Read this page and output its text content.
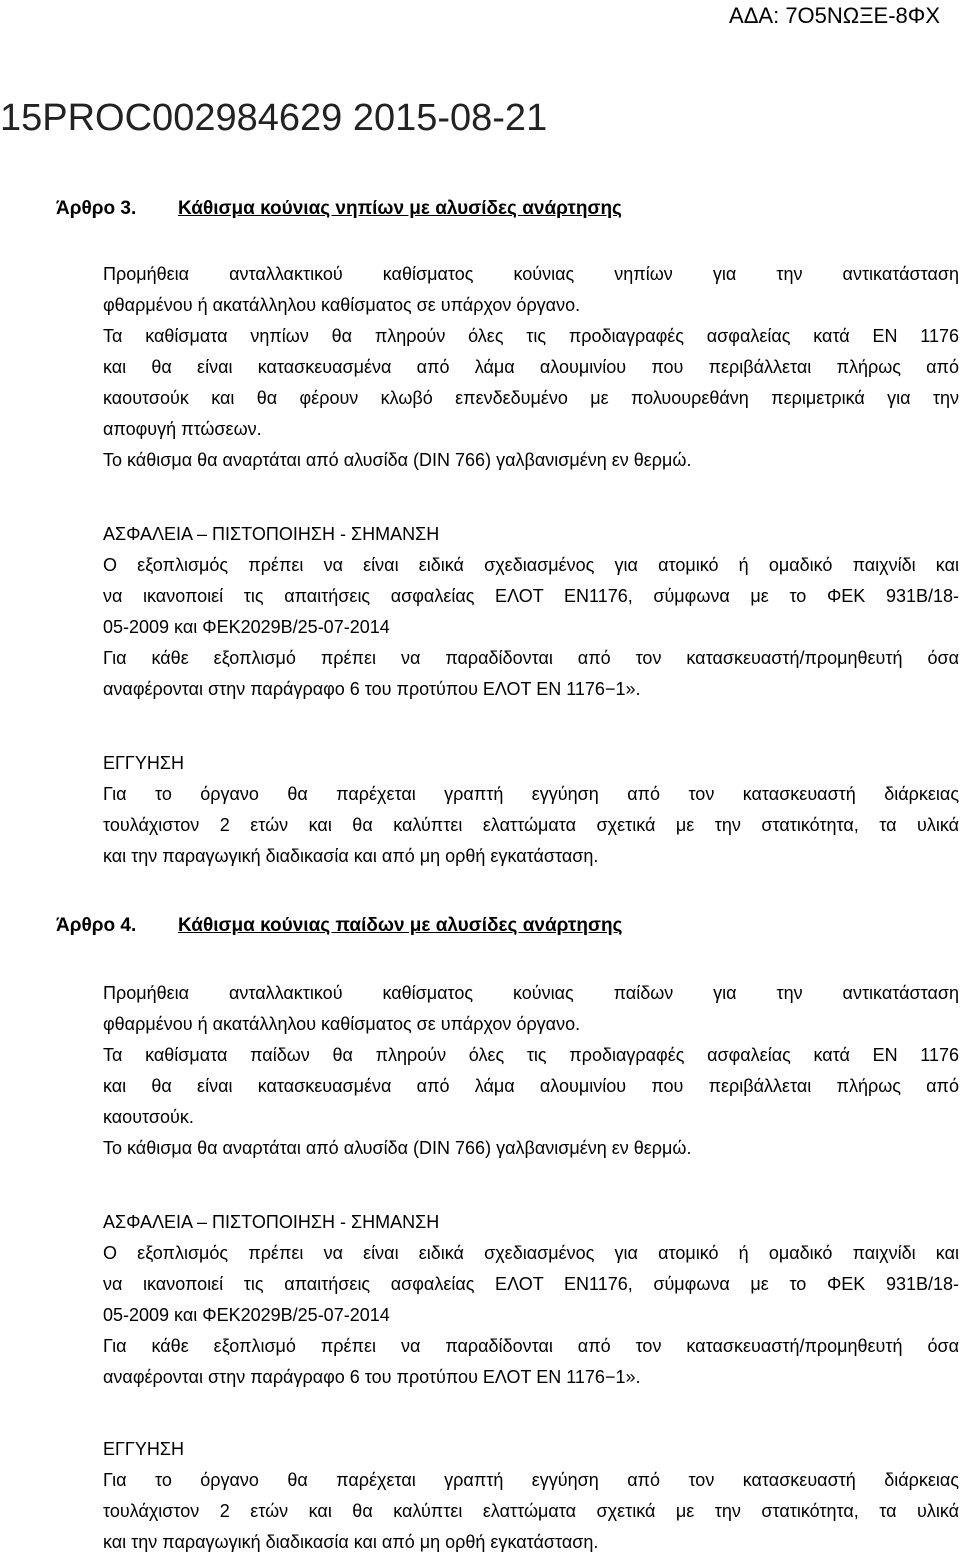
ΑΔΑ: 7Ο5ΝΩΞΕ-8ΦΧ
15PROC002984629 2015-08-21
Άρθρο 3. Κάθισμα κούνιας νηπίων με αλυσίδες ανάρτησης

Προμήθεια ανταλλακτικού καθίσματος κούνιας νηπίων για την αντικατάσταση

φθαρμένου ή ακατάλληλου καθίσματος σε υπάρχον όργανο.

Τα καθίσματα νηπίων θα πληρούν όλες τις προδιαγραφές ασφαλείας κατά EN 1176

και θα είναι κατασκευασμένα από λάμα αλουμινίου που περιβάλλεται πλήρως από

καουτσούκ και θα φέρουν κλωβό επενδεδυμένο με πολυουρεθάνη περιμετρικά για την

αποφυγή πτώσεων.

Το κάθισμα θα αναρτάται από αλυσίδα (DIN 766) γαλβανισμένη εν θερμώ.

ΑΣΦΑΛΕΙΑ – ΠΙΣΤΟΠΟΙΗΣΗ - ΣΗΜΑΝΣΗ

Ο εξοπλισμός πρέπει να είναι ειδικά σχεδιασμένος για ατομικό ή ομαδικό παιχνίδι και

να ικανοποιεί τις απαιτήσεις ασφαλείας ΕΛΟΤ ΕΝ1176, σύμφωνα με το ΦΕΚ 931Β/18-

05-2009 και ΦΕΚ2029Β/25-07-2014

Για κάθε εξοπλισμό πρέπει να παραδίδονται από τον κατασκευαστή/προμηθευτή όσα

αναφέρονται στην παράγραφο 6 του προτύπου ΕΛΟΤ ΕΝ 1176−1».

ΕΓΓΥΗΣΗ

Για το όργανο θα παρέχεται γραπτή εγγύηση από τον κατασκευαστή διάρκειας

τουλάχιστον 2 ετών και θα καλύπτει ελαττώματα σχετικά με την στατικότητα, τα υλικά

και την παραγωγική διαδικασία και από μη ορθή εγκατάσταση.

Άρθρο 4. Κάθισμα κούνιας παίδων με αλυσίδες ανάρτησης

Προμήθεια ανταλλακτικού καθίσματος κούνιας παίδων για την αντικατάσταση

φθαρμένου ή ακατάλληλου καθίσματος σε υπάρχον όργανο.

Τα καθίσματα παίδων θα πληρούν όλες τις προδιαγραφές ασφαλείας κατά EN 1176

και θα είναι κατασκευασμένα από λάμα αλουμινίου που περιβάλλεται πλήρως από

καουτσούκ.

Το κάθισμα θα αναρτάται από αλυσίδα (DIN 766) γαλβανισμένη εν θερμώ.

ΑΣΦΑΛΕΙΑ – ΠΙΣΤΟΠΟΙΗΣΗ - ΣΗΜΑΝΣΗ

Ο εξοπλισμός πρέπει να είναι ειδικά σχεδιασμένος για ατομικό ή ομαδικό παιχνίδι και

να ικανοποιεί τις απαιτήσεις ασφαλείας ΕΛΟΤ ΕΝ1176, σύμφωνα με το ΦΕΚ 931Β/18-

05-2009 και ΦΕΚ2029Β/25-07-2014

Για κάθε εξοπλισμό πρέπει να παραδίδονται από τον κατασκευαστή/προμηθευτή όσα

αναφέρονται στην παράγραφο 6 του προτύπου ΕΛΟΤ ΕΝ 1176−1».

ΕΓΓΥΗΣΗ

Για το όργανο θα παρέχεται γραπτή εγγύηση από τον κατασκευαστή διάρκειας

τουλάχιστον 2 ετών και θα καλύπτει ελαττώματα σχετικά με την στατικότητα, τα υλικά

και την παραγωγική διαδικασία και από μη ορθή εγκατάσταση.
